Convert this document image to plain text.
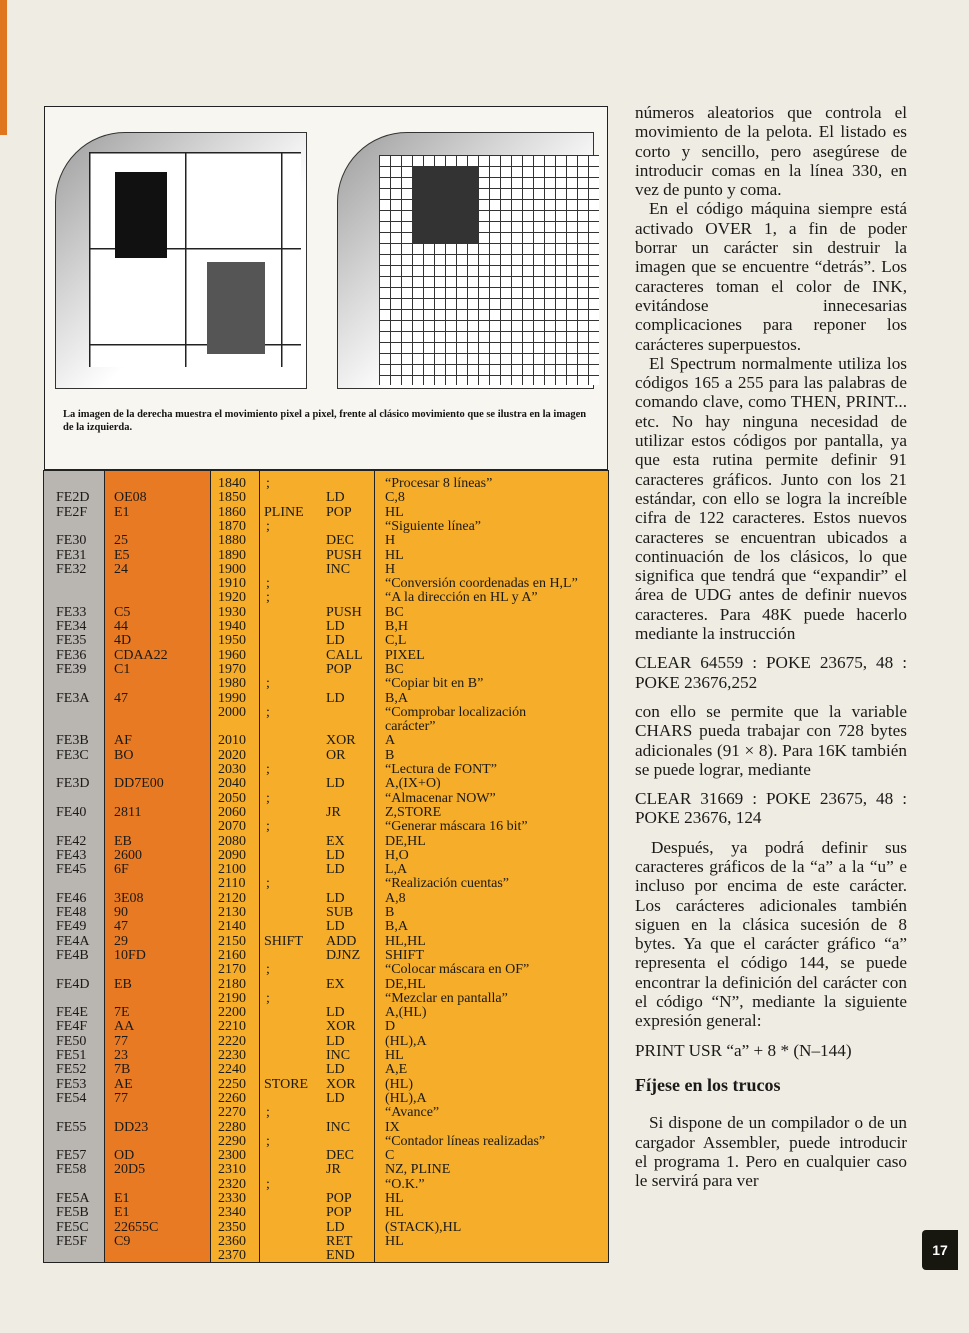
La imagen de la derecha muestra el movimiento pixel a pixel, frente al clásico movimiento que se ilustra en la imagen de la izquierda.
1840 ;	“Procesar 8 líneas”
FE2D OE08	1850	LD	C,8
FE2F E1	1860 PLINE POP HL
1870 ;	“Siguiente línea”
FE30 25	1880	DEC H
FE31 E5	1890	PUSH HL
FE32 24	1900	INC H
1910 ;	“Conversión coordenadas en H,L”
1920 ;	“A la dirección en HL y A”
FE33 C5	1930	PUSH BC
FE34 44	1940	LD	B,H
FE35 4D	1950	LD	C,L
FE36 CDAA22	1960	CALL PIXEL
FE39 C1	1970	POP BC
1980 ;	“Copiar bit en B”
FE3A 47	1990	LD	B,A
2000 ;	“Comprobar localización
carácter”
FE3B AF	2010	XOR A
FE3C BO	2020	OR	B
2030 ;	“Lectura de FONT”
FE3D DD7E00	2040	LD	A,(IX+O)
2050 ;	“Almacenar NOW”
FE40 2811	2060	JR	Z,STORE
2070 ;	“Generar máscara 16 bit”
FE42 EB	2080	EX	DE,HL
FE43 2600	2090	LD	H,O
FE45 6F	2100	LD	L,A
2110 ;	“Realización cuentas”
FE46 3E08	2120	LD	A,8
FE48 90	2130	SUB B
FE49 47	2140	LD	B,A
FE4A 29	2150 SHIFT ADD HL,HL
FE4B 10FD	2160	DJNZ SHIFT
2170 ;	“Colocar máscara en OF”
FE4D EB	2180	EX	DE,HL
2190 ;	“Mezclar en pantalla”
FE4E 7E	2200	LD	A,(HL)
FE4F AA	2210	XOR D
FE50 77	2220	LD	(HL),A
FE51 23	2230	INC HL
FE52 7B	2240	LD	A,E
FE53 AE	2250 STORE XOR (HL)
FE54 77	2260	LD	(HL),A
2270 ;	“Avance”
FE55 DD23	2280	INC IX
2290 ;	“Contador líneas realizadas”
FE57 OD	2300	DEC C
FE58 20D5	2310	JR	NZ, PLINE
2320 ;	“O.K.”
FE5A E1	2330	POP HL
FE5B E1	2340	POP HL
FE5C 22655C	2350	LD	(STACK),HL
FE5F C9	2360	RET HL
2370	END

números aleatorios que controla el movimiento de la pelota. El listado es corto y sencillo, pero asegúrese de introducir comas en la línea 330, en vez de punto y coma.

En el código máquina siempre está activado OVER 1, a fin de poder borrar un carácter sin destruir la imagen que se encuentre “detrás”. Los caracteres toman el color de INK, evitándose innecesarias complicaciones para reponer los carácteres superpuestos.

El Spectrum normalmente utiliza los códigos 165 a 255 para las palabras de comando clave, como THEN, PRINT... etc. No hay ninguna necesidad de utilizar estos códigos por pantalla, ya que esta rutina permite definir 91 caracteres gráficos. Junto con los 21 estándar, con ello se logra la increíble cifra de 122 caracteres. Estos nuevos caracteres se encuentran ubicados a continuación de los clásicos, lo que significa que tendrá que “expandir” el área de UDG antes de definir nuevos caracteres. Para 48K puede hacerlo mediante la instrucción

CLEAR 64559 : POKE 23675, 48 : POKE 23676,252

con ello se permite que la variable CHARS pueda trabajar con 728 bytes adicionales (91 × 8). Para 16K también se puede lograr, mediante

CLEAR 31669 : POKE 23675, 48 : POKE 23676, 124

Después, ya podrá definir sus caracteres gráficos de la “a” a la “u” e incluso por encima de este carácter. Los carácteres adicionales también siguen en la clásica sucesión de 8 bytes. Ya que el carácter gráfico “a” representa el código 144, se puede encontrar la definición del carácter con el código “N”, mediante la siguiente expresión general:

PRINT USR “a” + 8 * (N–144)

Fíjese en los trucos

Si dispone de un compilador o de un cargador Assembler, puede introducir el programa 1. Pero en cualquier caso le servirá para ver

17
